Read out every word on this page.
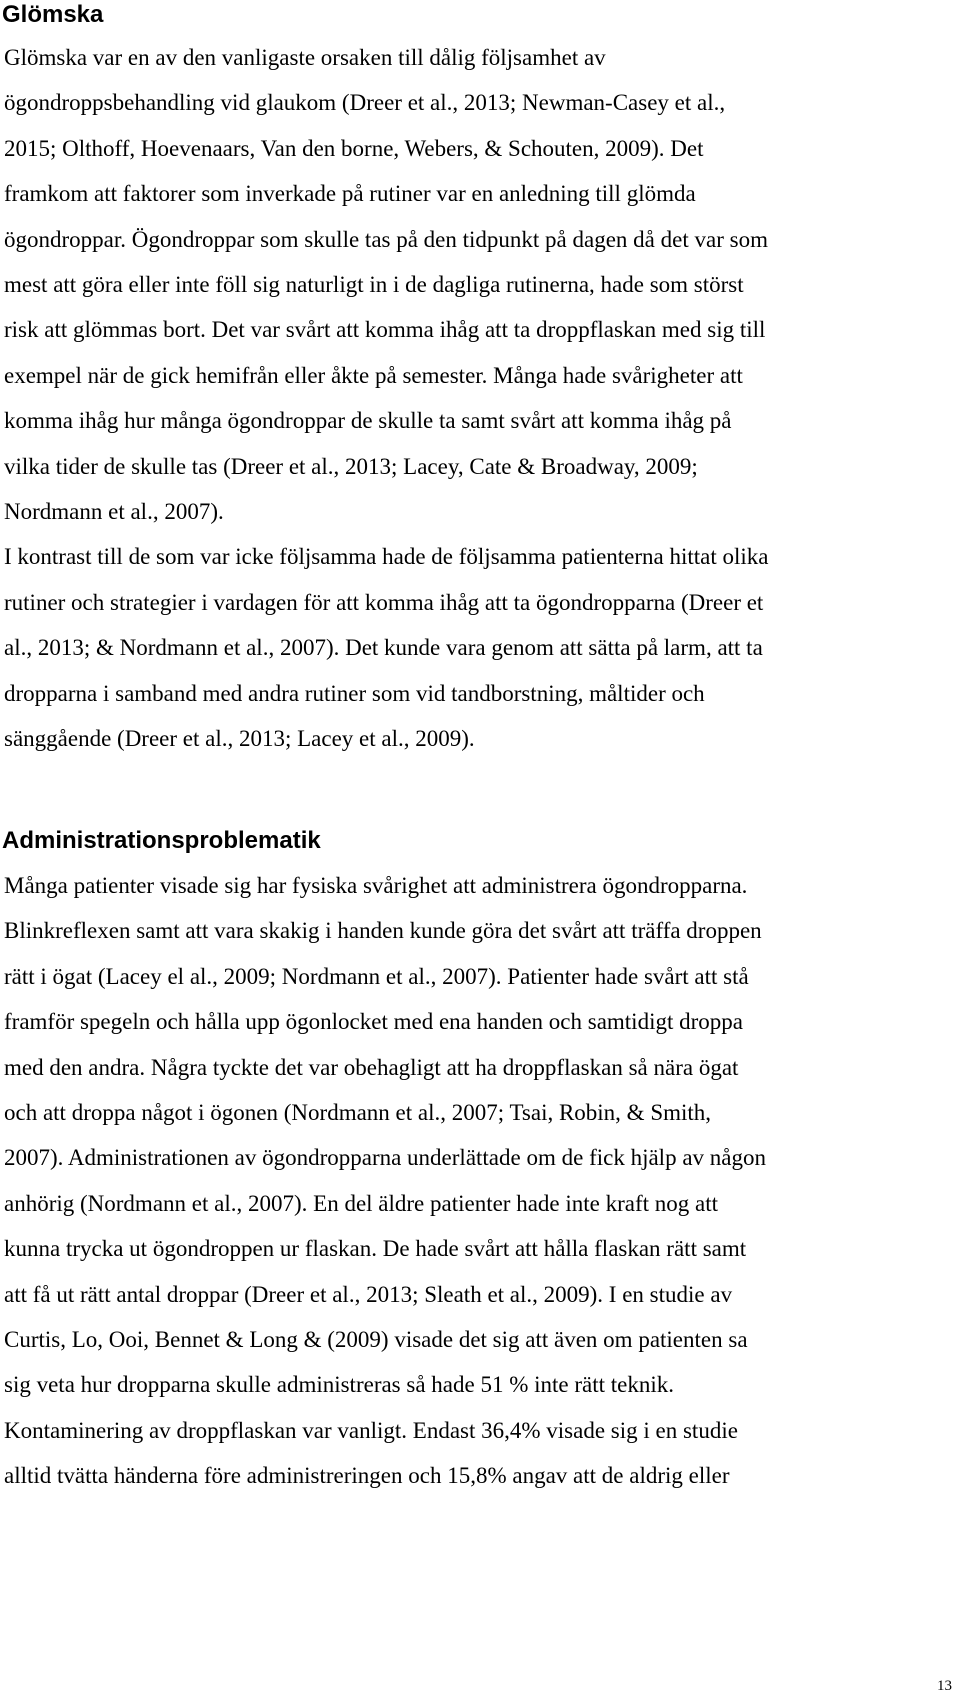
Glömska
Glömska var en av den vanligaste orsaken till dålig följsamhet av
ögondroppsbehandling vid glaukom (Dreer et al., 2013; Newman-Casey et al.,
2015; Olthoff, Hoevenaars, Van den borne, Webers, & Schouten, 2009). Det
framkom att faktorer som inverkade på rutiner var en anledning till glömda
ögondroppar. Ögondroppar som skulle tas på den tidpunkt på dagen då det var som
mest att göra eller inte föll sig naturligt in i de dagliga rutinerna, hade som störst
risk att glömmas bort. Det var svårt att komma ihåg att ta droppflaskan med sig till
exempel när de gick hemifrån eller åkte på semester. Många hade svårigheter att
komma ihåg hur många ögondroppar de skulle ta samt svårt att komma ihåg på
vilka tider de skulle tas (Dreer et al., 2013; Lacey, Cate & Broadway, 2009;
Nordmann et al., 2007).
I kontrast till de som var icke följsamma hade de följsamma patienterna hittat olika
rutiner och strategier i vardagen för att komma ihåg att ta ögondropparna (Dreer et
al., 2013; & Nordmann et al., 2007). Det kunde vara genom att sätta på larm, att ta
dropparna i samband med andra rutiner som vid tandborstning, måltider och
sänggående (Dreer et al., 2013; Lacey et al., 2009).
Administrationsproblematik
Många patienter visade sig har fysiska svårighet att administrera ögondropparna.
Blinkreflexen samt att vara skakig i handen kunde göra det svårt att träffa droppen
rätt i ögat (Lacey el al., 2009; Nordmann et al., 2007). Patienter hade svårt att stå
framför spegeln och hålla upp ögonlocket med ena handen och samtidigt droppa
med den andra. Några tyckte det var obehagligt att ha droppflaskan så nära ögat
och att droppa något i ögonen (Nordmann et al., 2007; Tsai, Robin, & Smith,
2007). Administrationen av ögondropparna underlättade om de fick hjälp av någon
anhörig (Nordmann et al., 2007). En del äldre patienter hade inte kraft nog att
kunna trycka ut ögondroppen ur flaskan. De hade svårt att hålla flaskan rätt samt
att få ut rätt antal droppar (Dreer et al., 2013; Sleath et al., 2009). I en studie av
Curtis, Lo, Ooi, Bennet & Long & (2009) visade det sig att även om patienten sa
sig veta hur dropparna skulle administreras så hade 51 % inte rätt teknik.
Kontaminering av droppflaskan var vanligt. Endast 36,4% visade sig i en studie
alltid tvätta händerna före administreringen och 15,8% angav att de aldrig eller
13
